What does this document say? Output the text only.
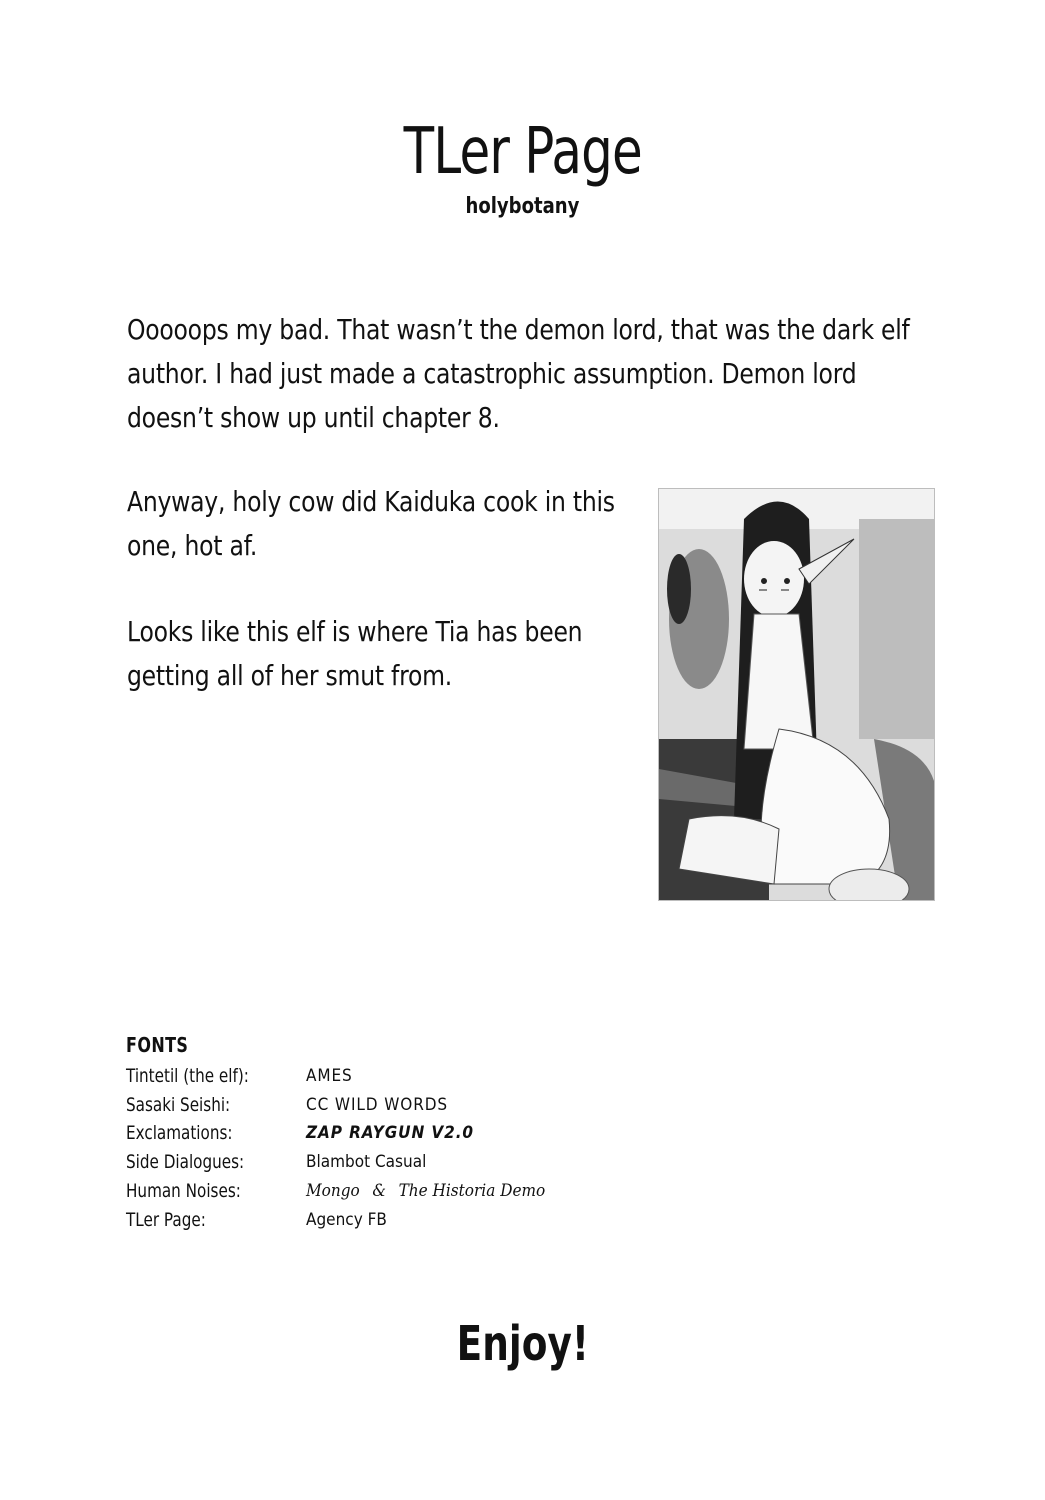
TLer Page
holybotany

Ooooops my bad. That wasn’t the demon lord, that was the dark elf author. I had just made a catastrophic assumption. Demon lord doesn’t show up until chapter 8.

Anyway, holy cow did Kaiduka cook in this one, hot af.

Looks like this elf is where Tia has been getting all of her smut from.

FONTS
Tintetil (the elf):	AMES
Sasaki Seishi:	CC WILD WORDS
Exclamations:	ZAP RAYGUN V2.0
Side Dialogues:	Blambot Casual
Human Noises:	Mongo & The Historia Demo
TLer Page:	Agency FB
Enjoy!
